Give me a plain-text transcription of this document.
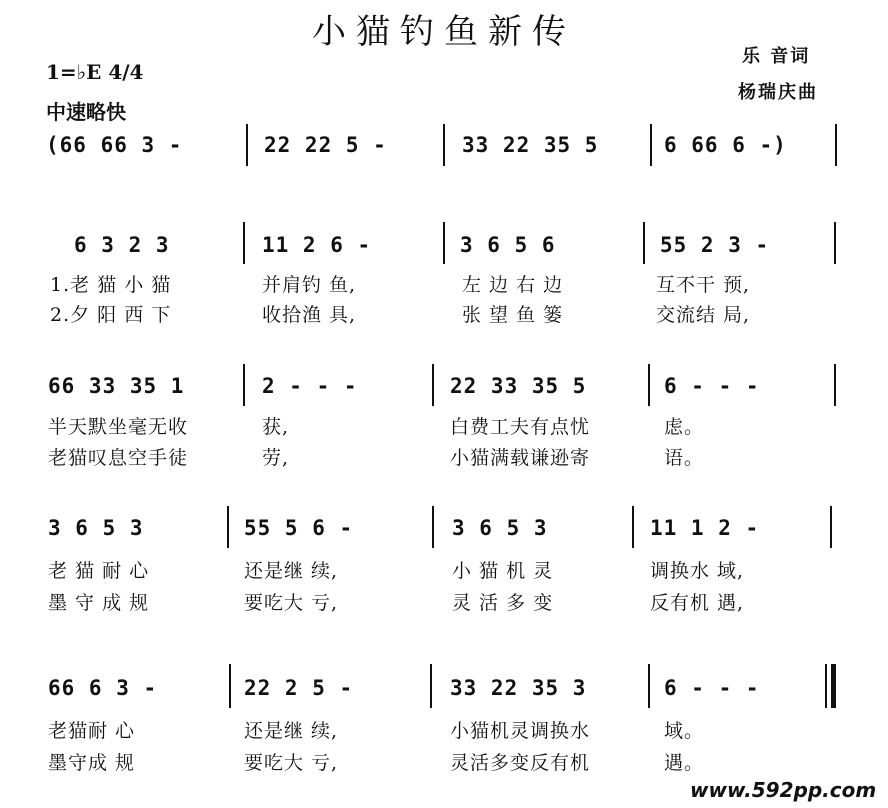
小猫钓鱼新传
乐 音词
杨瑞庆曲
1=♭E 4/4
中速略快
(66 66 3 -	22 22 5 -	33 22 35 5	6 66 6 -)
6 3 2 3	11 2 6 -	3 6 5 6	55 2 3 -
1.老 猫 小 猫	并肩钓 鱼,	左 边 右 边	互不干 预,
2.夕 阳 西 下	收拾渔 具,	张 望 鱼 篓	交流结 局,
66 33 35 1	2 - - -	22 33 35 5	6 - - -
半天默坐毫无收	获,	白费工夫有点忧	虑。
老猫叹息空手徒	劳,	小猫满载谦逊寄	语。
3 6 5 3	55 5 6 -	3 6 5 3	11 1 2 -
老 猫 耐 心	还是继 续,	小 猫 机 灵	调换水 域,
墨 守 成 规	要吃大 亏,	灵 活 多 变	反有机 遇,
66 6 3 -	22 2 5 -	33 22 35 3	6 - - -
老猫耐 心	还是继 续,	小猫机灵调换水	域。
墨守成 规	要吃大 亏,	灵活多变反有机	遇。
www.592pp.com
